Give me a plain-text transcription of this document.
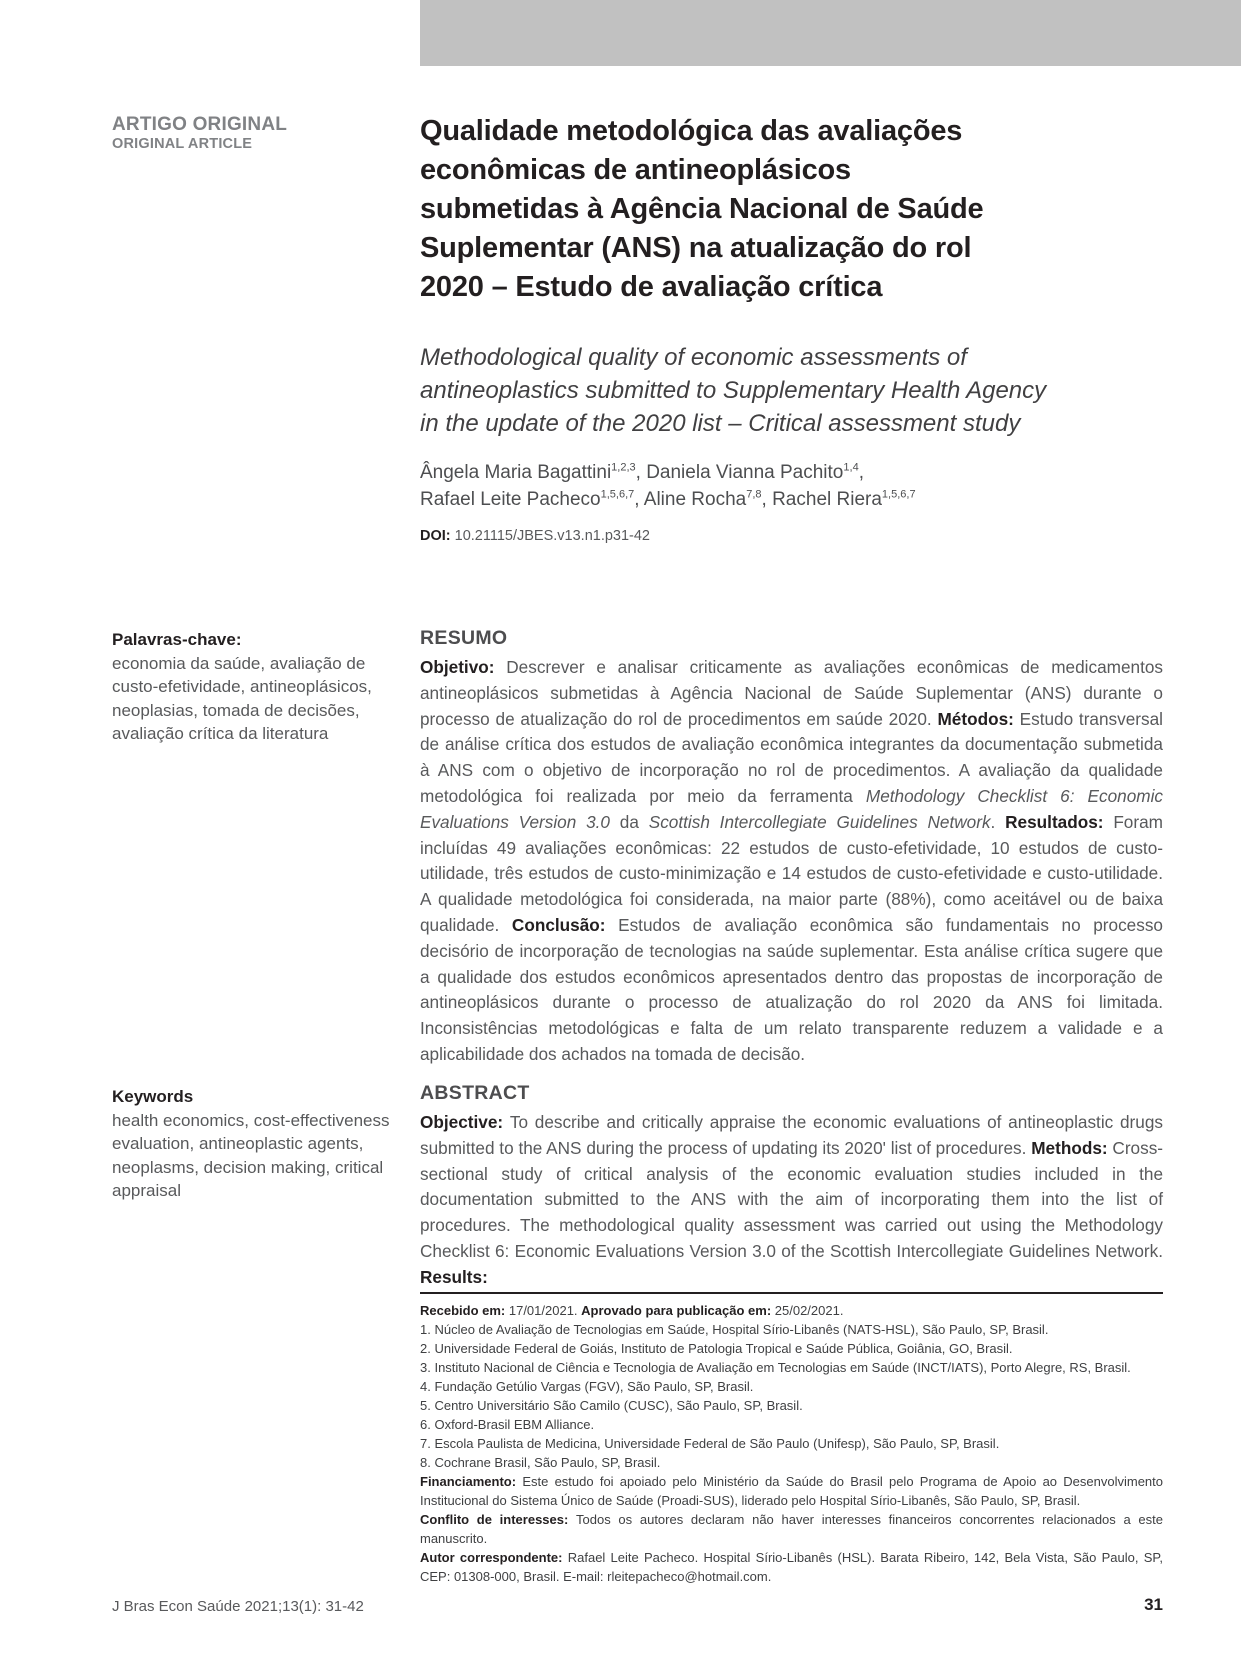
ARTIGO ORIGINAL
ORIGINAL ARTICLE
Palavras-chave:
economia da saúde, avaliação de custo-efetividade, antineoplásicos, neoplasias, tomada de decisões, avaliação crítica da literatura
Keywords
health economics, cost-effectiveness evaluation, antineoplastic agents, neoplasms, decision making, critical appraisal
Qualidade metodológica das avaliações
econômicas de antineoplásicos
submetidas à Agência Nacional de Saúde
Suplementar (ANS) na atualização do rol
2020 – Estudo de avaliação crítica
Methodological quality of economic assessments of
antineoplastics submitted to Supplementary Health Agency
in the update of the 2020 list – Critical assessment study
Ângela Maria Bagattini$^{1,2,3}$, Daniela Vianna Pachito$^{1,4}$,
Rafael Leite Pacheco$^{1,5,6,7}$, Aline Rocha$^{7,8}$, Rachel Riera$^{1,5,6,7}$
DOI: 10.21115/JBES.v13.n1.p31-42
RESUMO
Objetivo: Descrever e analisar criticamente as avaliações econômicas de medicamentos antineoplásicos submetidas à Agência Nacional de Saúde Suplementar (ANS) durante o processo de atualização do rol de procedimentos em saúde 2020. Métodos: Estudo transversal de análise crítica dos estudos de avaliação econômica integrantes da documentação submetida à ANS com o objetivo de incorporação no rol de procedimentos. A avaliação da qualidade metodológica foi realizada por meio da ferramenta Methodology Checklist 6: Economic Evaluations Version 3.0 da Scottish Intercollegiate Guidelines Network. Resultados: Foram incluídas 49 avaliações econômicas: 22 estudos de custo-efetividade, 10 estudos de custo-utilidade, três estudos de custo-minimização e 14 estudos de custo-efetividade e custo-utilidade. A qualidade metodológica foi considerada, na maior parte (88%), como aceitável ou de baixa qualidade. Conclusão: Estudos de avaliação econômica são fundamentais no processo decisório de incorporação de tecnologias na saúde suplementar. Esta análise crítica sugere que a qualidade dos estudos econômicos apresentados dentro das propostas de incorporação de antineoplásicos durante o processo de atualização do rol 2020 da ANS foi limitada. Inconsistências metodológicas e falta de um relato transparente reduzem a validade e a aplicabilidade dos achados na tomada de decisão.
ABSTRACT
Objective: To describe and critically appraise the economic evaluations of antineoplastic drugs submitted to the ANS during the process of updating its 2020' list of procedures. Methods: Cross-sectional study of critical analysis of the economic evaluation studies included in the documentation submitted to the ANS with the aim of incorporating them into the list of procedures. The methodological quality assessment was carried out using the Methodology Checklist 6: Economic Evaluations Version 3.0 of the Scottish Intercollegiate Guidelines Network. Results:

Recebido em: 17/01/2021. Aprovado para publicação em: 25/02/2021.

1. Núcleo de Avaliação de Tecnologias em Saúde, Hospital Sírio-Libanês (NATS-HSL), São Paulo, SP, Brasil.

2. Universidade Federal de Goiás, Instituto de Patologia Tropical e Saúde Pública, Goiânia, GO, Brasil.

3. Instituto Nacional de Ciência e Tecnologia de Avaliação em Tecnologias em Saúde (INCT/IATS), Porto Alegre, RS, Brasil.

4. Fundação Getúlio Vargas (FGV), São Paulo, SP, Brasil.

5. Centro Universitário São Camilo (CUSC), São Paulo, SP, Brasil.

6. Oxford-Brasil EBM Alliance.

7. Escola Paulista de Medicina, Universidade Federal de São Paulo (Unifesp), São Paulo, SP, Brasil.

8. Cochrane Brasil, São Paulo, SP, Brasil.

Financiamento: Este estudo foi apoiado pelo Ministério da Saúde do Brasil pelo Programa de Apoio ao Desenvolvimento Institucional do Sistema Único de Saúde (Proadi-SUS), liderado pelo Hospital Sírio-Libanês, São Paulo, SP, Brasil.

Conflito de interesses: Todos os autores declaram não haver interesses financeiros concorrentes relacionados a este manuscrito.

Autor correspondente: Rafael Leite Pacheco. Hospital Sírio-Libanês (HSL). Barata Ribeiro, 142, Bela Vista, São Paulo, SP, CEP: 01308-000, Brasil. E-mail: rleitepacheco@hotmail.com.

J Bras Econ Saúde 2021;13(1): 31-42	31
